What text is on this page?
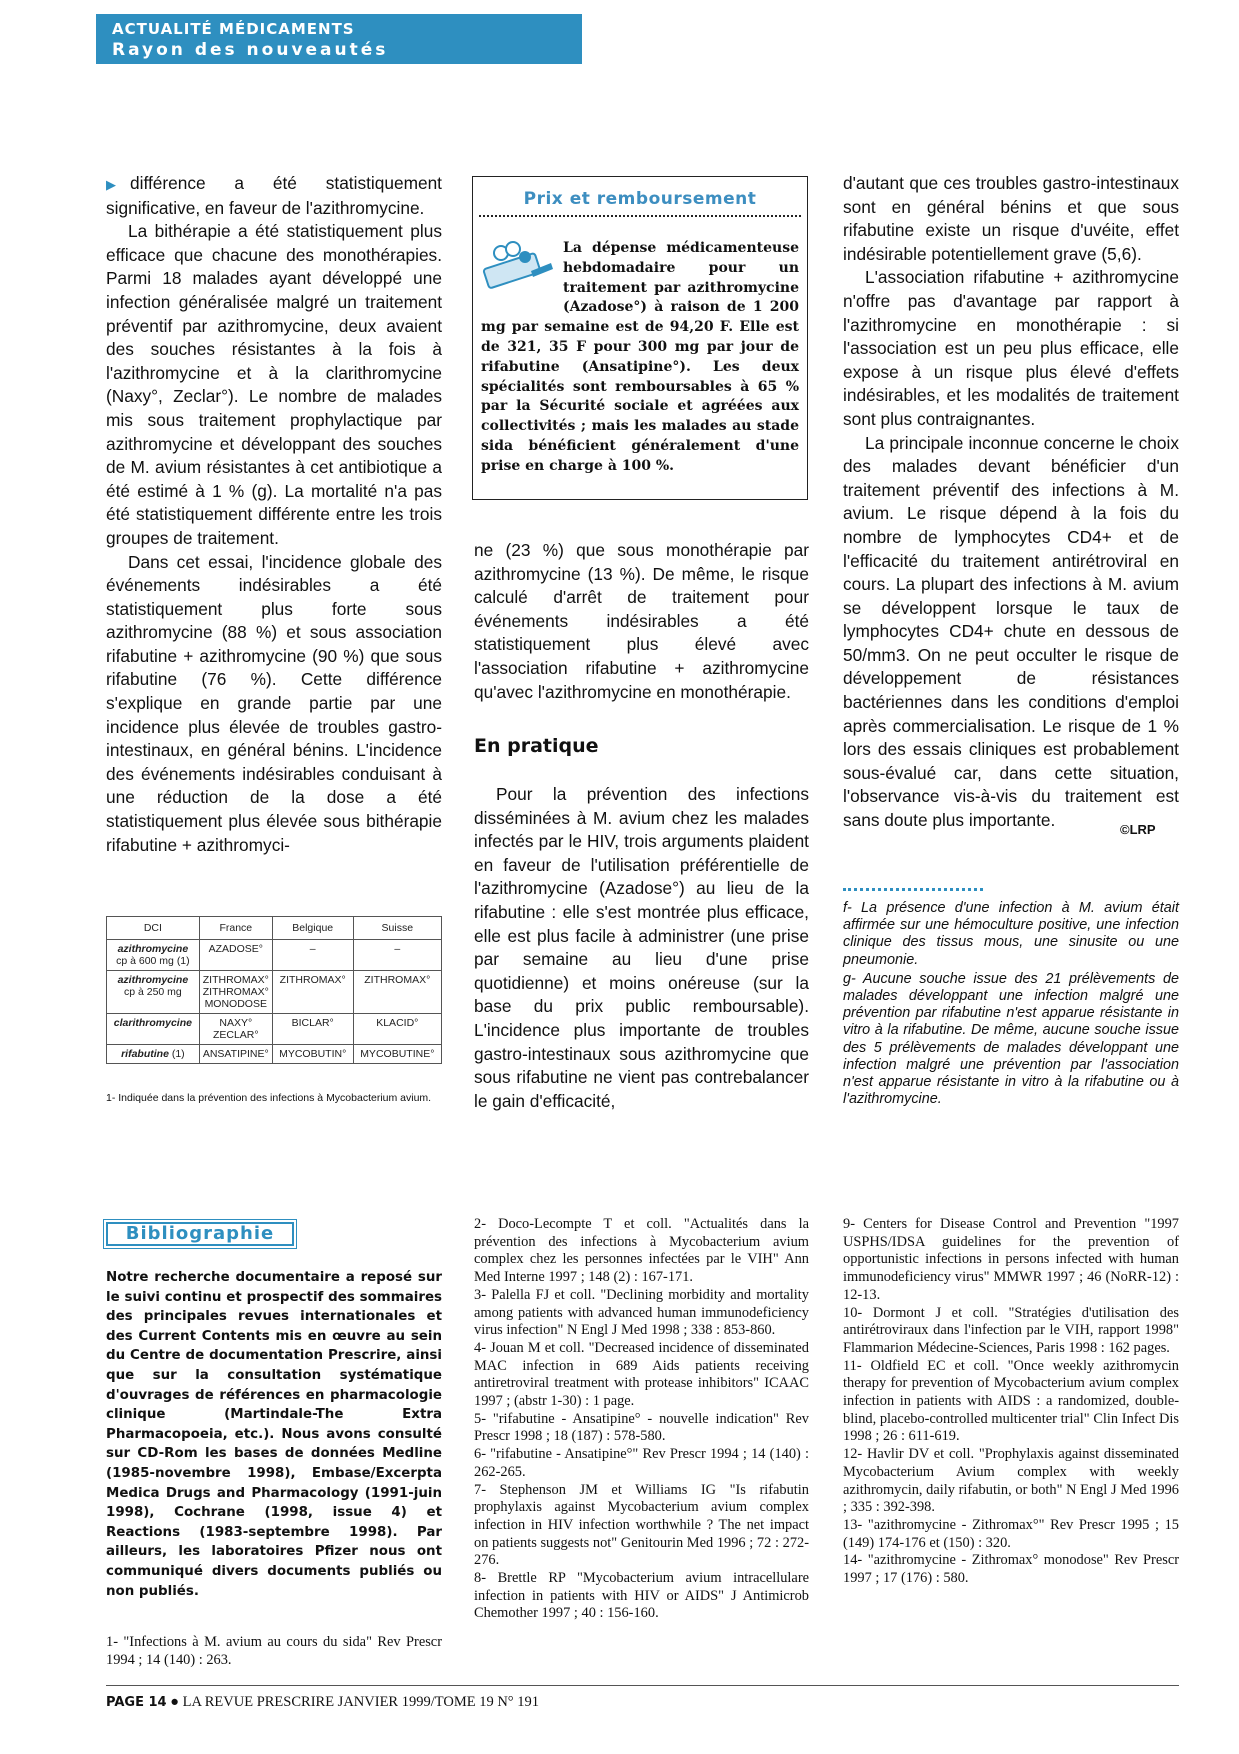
ACTUALITÉ MÉDICAMENTS
Rayon des nouveautés

▶ différence a été statistiquement significative, en faveur de l'azithromycine.

La bithérapie a été statistiquement plus efficace que chacune des monothérapies. Parmi 18 malades ayant développé une infection généralisée malgré un traitement préventif par azithromycine, deux avaient des souches résistantes à la fois à l'azithromycine et à la clarithromycine (Naxy°, Zeclar°). Le nombre de malades mis sous traitement prophylactique par azithromycine et développant des souches de M. avium résistantes à cet antibiotique a été estimé à 1 % (g). La mortalité n'a pas été statistiquement différente entre les trois groupes de traitement.

Dans cet essai, l'incidence globale des événements indésirables a été statistiquement plus forte sous azithromycine (88 %) et sous association rifabutine + azithromycine (90 %) que sous rifabutine (76 %). Cette différence s'explique en grande partie par une incidence plus élevée de troubles gastro-intestinaux, en général bénins. L'incidence des événements indésirables conduisant à une réduction de la dose a été statistiquement plus élevée sous bithérapie rifabutine + azithromyci-

DCI	France	Belgique	Suisse
azithromycine
cp à 600 mg (1)	AZADOSE°	–	–
azithromycine
cp à 250 mg	ZITHROMAX° ZITHROMAX° MONODOSE	ZITHROMAX°	ZITHROMAX°
clarithromycine	NAXY° ZECLAR°	BICLAR°	KLACID°
rifabutine (1)	ANSATIPINE°	MYCOBUTIN°	MYCOBUTINE°
1- Indiquée dans la prévention des infections à Mycobacterium avium.
Prix et remboursement
La dépense médicamenteuse hebdomadaire pour un traitement par azithromycine (Azadose°) à raison de 1 200 mg par semaine est de 94,20 F. Elle est de 321, 35 F pour 300 mg par jour de rifabutine (Ansatipine°). Les deux spécialités sont remboursables à 65 % par la Sécurité sociale et agréées aux collectivités ; mais les malades au stade sida bénéficient généralement d'une prise en charge à 100 %.

ne (23 %) que sous monothérapie par azithromycine (13 %). De même, le risque calculé d'arrêt de traitement pour événements indésirables a été statistiquement plus élevé avec l'association rifabutine + azithromycine qu'avec l'azithromycine en monothérapie.

En pratique

Pour la prévention des infections disséminées à M. avium chez les malades infectés par le HIV, trois arguments plaident en faveur de l'utilisation préférentielle de l'azithromycine (Azadose°) au lieu de la rifabutine : elle s'est montrée plus efficace, elle est plus facile à administrer (une prise par semaine au lieu d'une prise quotidienne) et moins onéreuse (sur la base du prix public remboursable). L'incidence plus importante de troubles gastro-intestinaux sous azithromycine que sous rifabutine ne vient pas contrebalancer le gain d'efficacité,

d'autant que ces troubles gastro-intestinaux sont en général bénins et que sous rifabutine existe un risque d'uvéite, effet indésirable potentiellement grave (5,6).

L'association rifabutine + azithromycine n'offre pas d'avantage par rapport à l'azithromycine en monothérapie : si l'association est un peu plus efficace, elle expose à un risque plus élevé d'effets indésirables, et les modalités de traitement sont plus contraignantes.

La principale inconnue concerne le choix des malades devant bénéficier d'un traitement préventif des infections à M. avium. Le risque dépend à la fois du nombre de lymphocytes CD4+ et de l'efficacité du traitement antirétroviral en cours. La plupart des infections à M. avium se développent lorsque le taux de lymphocytes CD4+ chute en dessous de 50/mm3. On ne peut occulter le risque de développement de résistances bactériennes dans les conditions d'emploi après commercialisation. Le risque de 1 % lors des essais cliniques est probablement sous-évalué car, dans cette situation, l'observance vis-à-vis du traitement est sans doute plus importante.	©LRP

f- La présence d'une infection à M. avium était affirmée sur une hémoculture positive, une infection clinique des tissus mous, une sinusite ou une pneumonie.

g- Aucune souche issue des 21 prélèvements de malades développant une infection malgré une prévention par rifabutine n'est apparue résistante in vitro à la rifabutine. De même, aucune souche issue des 5 prélèvements de malades développant une infection malgré une prévention par l'association n'est apparue résistante in vitro à la rifabutine ou à l'azithromycine.

Bibliographie
Notre recherche documentaire a reposé sur le suivi continu et prospectif des sommaires des principales revues internationales et des Current Contents mis en œuvre au sein du Centre de documentation Prescrire, ainsi que sur la consultation systématique d'ouvrages de références en pharmacologie clinique (Martindale-The Extra Pharmacopoeia, etc.). Nous avons consulté sur CD-Rom les bases de données Medline (1985-novembre 1998), Embase/Excerpta Medica Drugs and Pharmacology (1991-juin 1998), Cochrane (1998, issue 4) et Reactions (1983-septembre 1998). Par ailleurs, les laboratoires Pfizer nous ont communiqué divers documents publiés ou non publiés.

1- "Infections à M. avium au cours du sida" Rev Prescr 1994 ; 14 (140) : 263.

2- Doco-Lecompte T et coll. "Actualités dans la prévention des infections à Mycobacterium avium complex chez les personnes infectées par le VIH" Ann Med Interne 1997 ; 148 (2) : 167-171.

3- Palella FJ et coll. "Declining morbidity and mortality among patients with advanced human immunodeficiency virus infection" N Engl J Med 1998 ; 338 : 853-860.

4- Jouan M et coll. "Decreased incidence of disseminated MAC infection in 689 Aids patients receiving antiretroviral treatment with protease inhibitors" ICAAC 1997 ; (abstr 1-30) : 1 page.

5- "rifabutine - Ansatipine° - nouvelle indication" Rev Prescr 1998 ; 18 (187) : 578-580.

6- "rifabutine - Ansatipine°" Rev Prescr 1994 ; 14 (140) : 262-265.

7- Stephenson JM et Williams IG "Is rifabutin prophylaxis against Mycobacterium avium complex infection in HIV infection worthwhile ? The net impact on patients suggests not" Genitourin Med 1996 ; 72 : 272-276.

8- Brettle RP "Mycobacterium avium intracellulare infection in patients with HIV or AIDS" J Antimicrob Chemother 1997 ; 40 : 156-160.

9- Centers for Disease Control and Prevention "1997 USPHS/IDSA guidelines for the prevention of opportunistic infections in persons infected with human immunodeficiency virus" MMWR 1997 ; 46 (NoRR-12) : 12-13.

10- Dormont J et coll. "Stratégies d'utilisation des antirétroviraux dans l'infection par le VIH, rapport 1998" Flammarion Médecine-Sciences, Paris 1998 : 162 pages.

11- Oldfield EC et coll. "Once weekly azithromycin therapy for prevention of Mycobacterium avium complex infection in patients with AIDS : a randomized, double-blind, placebo-controlled multicenter trial" Clin Infect Dis 1998 ; 26 : 611-619.

12- Havlir DV et coll. "Prophylaxis against disseminated Mycobacterium Avium complex with weekly azithromycin, daily rifabutin, or both" N Engl J Med 1996 ; 335 : 392-398.

13- "azithromycine - Zithromax°" Rev Prescr 1995 ; 15 (149) 174-176 et (150) : 320.

14- "azithromycine - Zithromax° monodose" Rev Prescr 1997 ; 17 (176) : 580.

PAGE 14 ● LA REVUE PRESCRIRE JANVIER 1999/TOME 19 N° 191
